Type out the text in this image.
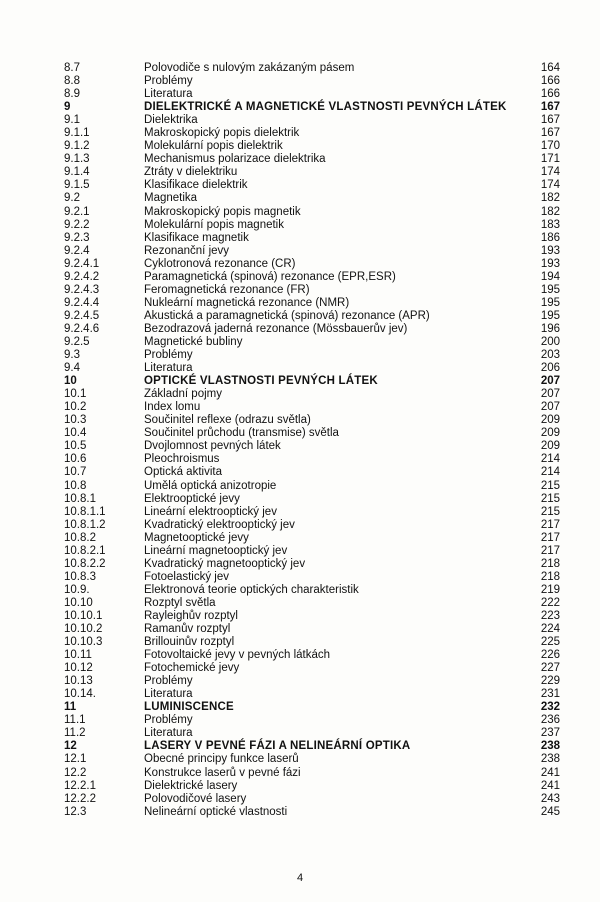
8.7	Polovodiče s nulovým zakázaným pásem	164
8.8	Problémy	166
8.9	Literatura	166
9	DIELEKTRICKÉ A MAGNETICKÉ VLASTNOSTI PEVNÝCH LÁTEK	167
9.1	Dielektrika	167
9.1.1	Makroskopický popis dielektrik	167
9.1.2	Molekulární popis dielektrik	170
9.1.3	Mechanismus polarizace dielektrika	171
9.1.4	Ztráty v dielektriku	174
9.1.5	Klasifikace dielektrik	174
9.2	Magnetika	182
9.2.1	Makroskopický popis magnetik	182
9.2.2	Molekulární popis magnetik	183
9.2.3	Klasifikace magnetik	186
9.2.4	Rezonanční jevy	193
9.2.4.1	Cyklotronová rezonance (CR)	193
9.2.4.2	Paramagnetická (spinová) rezonance (EPR,ESR)	194
9.2.4.3	Feromagnetická rezonance (FR)	195
9.2.4.4	Nukleární magnetická rezonance (NMR)	195
9.2.4.5	Akustická a paramagnetická (spinová) rezonance (APR)	195
9.2.4.6	Bezodrazová jaderná rezonance (Mössbauerův jev)	196
9.2.5	Magnetické bubliny	200
9.3	Problémy	203
9.4	Literatura	206
10	OPTICKÉ VLASTNOSTI PEVNÝCH LÁTEK	207
10.1	Základní pojmy	207
10.2	Index lomu	207
10.3	Součinitel reflexe (odrazu světla)	209
10.4	Součinitel průchodu (transmise) světla	209
10.5	Dvojlomnost pevných látek	209
10.6	Pleochroismus	214
10.7	Optická aktivita	214
10.8	Umělá optická anizotropie	215
10.8.1	Elektrooptické jevy	215
10.8.1.1	Lineární elektrooptický jev	215
10.8.1.2	Kvadratický elektrooptický jev	217
10.8.2	Magnetooptické jevy	217
10.8.2.1	Lineární magnetooptický jev	217
10.8.2.2	Kvadratický magnetooptický jev	218
10.8.3	Fotoelastický jev	218
10.9.	Elektronová teorie optických charakteristik	219
10.10	Rozptyl světla	222
10.10.1	Rayleighův rozptyl	223
10.10.2	Ramanův rozptyl	224
10.10.3	Brillouinův rozptyl	225
10.11	Fotovoltaické jevy v pevných látkách	226
10.12	Fotochemické jevy	227
10.13	Problémy	229
10.14.	Literatura	231
11	LUMINISCENCE	232
11.1	Problémy	236
11.2	Literatura	237
12	LASERY V PEVNÉ FÁZI A NELINEÁRNÍ OPTIKA	238
12.1	Obecné principy funkce laserů	238
12.2	Konstrukce laserů v pevné fázi	241
12.2.1	Dielektrické lasery	241
12.2.2	Polovodičové lasery	243
12.3	Nelineární optické vlastnosti	245
4
